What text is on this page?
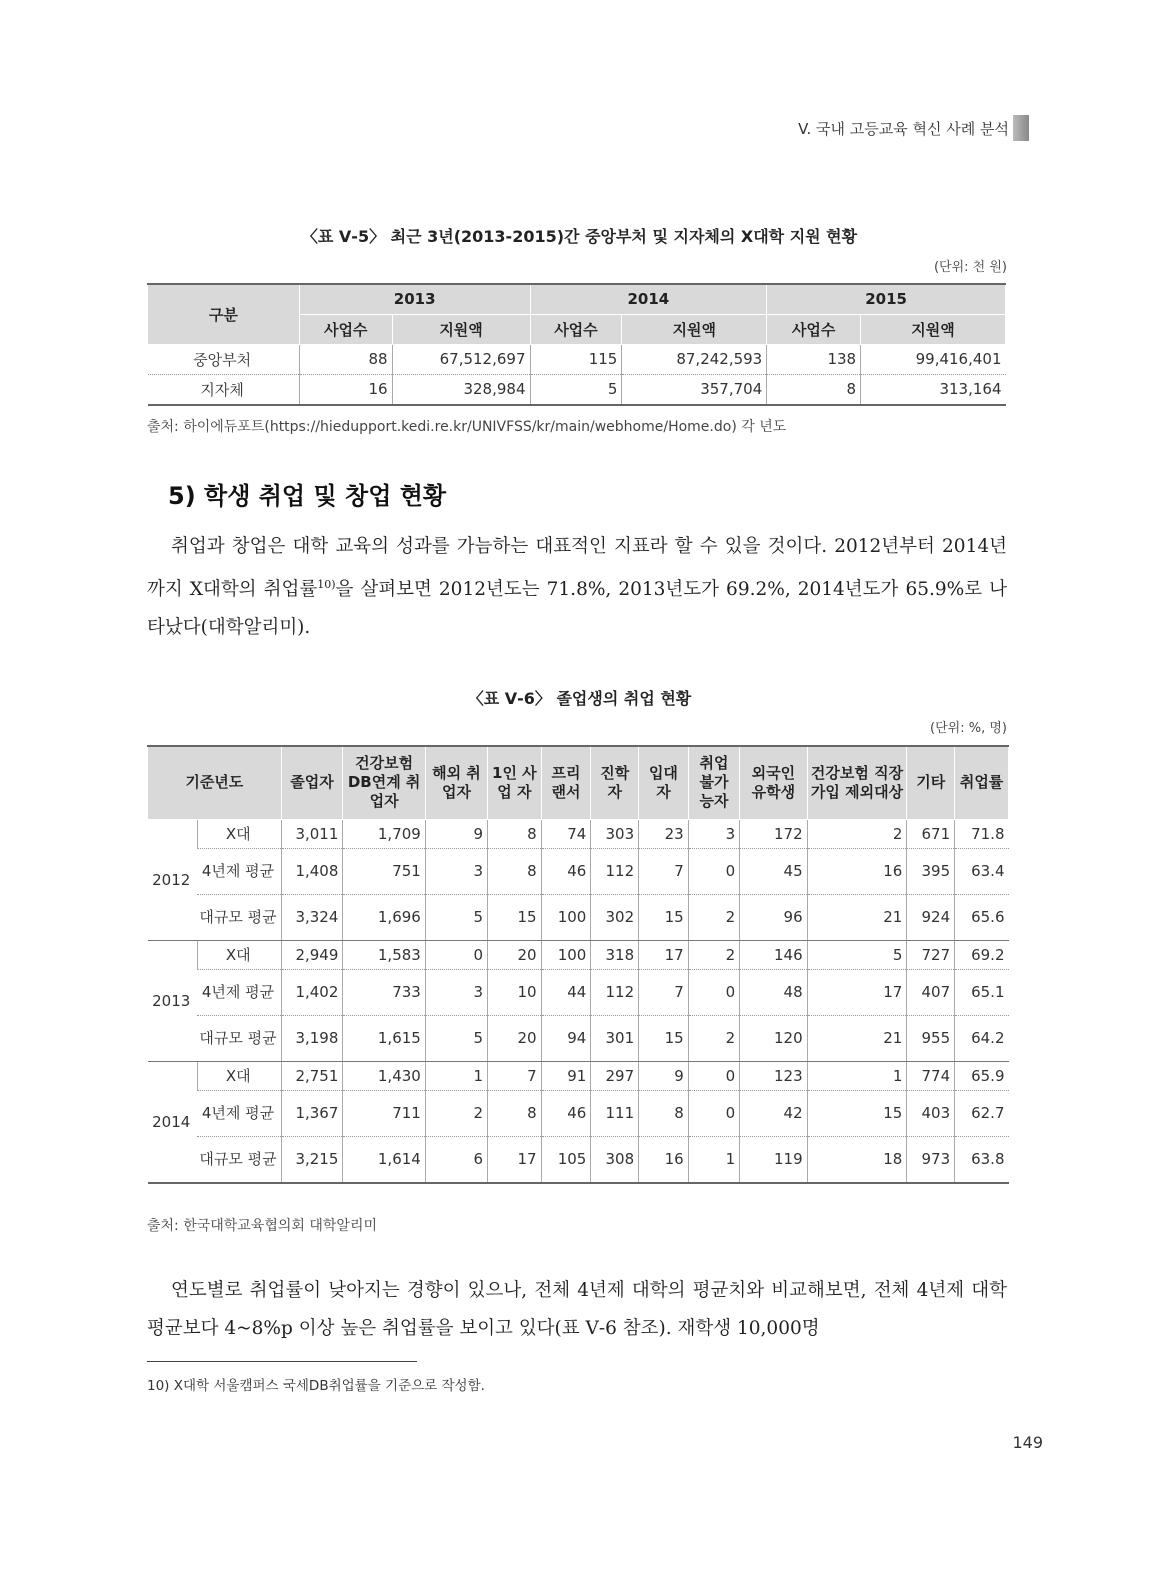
V. 국내 고등교육 혁신 사례 분석
〈표 Ⅴ-5〉 최근 3년(2013-2015)간 중앙부처 및 지자체의 X대학 지원 현황
(단위: 천 원)
구분	2013		2014		2015	
	사업수	지원액	사업수	지원액	사업수	지원액
중앙부처	88	67,512,697	115	87,242,593	138	99,416,401
지자체	16	328,984	5	357,704	8	313,164
출처: 하이에듀포트(https://hiedupport.kedi.re.kr/UNIVFSS/kr/main/webhome/Home.do) 각 년도
5) 학생 취업 및 창업 현황
취업과 창업은 대학 교육의 성과를 가늠하는 대표적인 지표라 할 수 있을 것이다. 2012년부터 2014년까지 X대학의 취업률$^{10)}$을 살펴보면 2012년도는 71.8%, 2013년도가 69.2%, 2014년도가 65.9%로 나타났다(대학알리미).
〈표 Ⅴ-6〉 졸업생의 취업 현황
(단위: %, 명)
기준년도		졸업자	건강보험 DB연계 취업자	해외 취업자	1인 사업 자	프리 랜서	진학 자	입대 자	취업 불가 능자	외국인 유학생	건강보험 직장가입 제외대상	기타	취업률
2012	X대	3,011	1,709	9	8	74	303	23	3	172	2	671	71.8
	4년제 평균	1,408	751	3	8	46	112	7	0	45	16	395	63.4
	대규모 평균	3,324	1,696	5	15	100	302	15	2	96	21	924	65.6
2013	X대	2,949	1,583	0	20	100	318	17	2	146	5	727	69.2
	4년제 평균	1,402	733	3	10	44	112	7	0	48	17	407	65.1
	대규모 평균	3,198	1,615	5	20	94	301	15	2	120	21	955	64.2
2014	X대	2,751	1,430	1	7	91	297	9	0	123	1	774	65.9
	4년제 평균	1,367	711	2	8	46	111	8	0	42	15	403	62.7
	대규모 평균	3,215	1,614	6	17	105	308	16	1	119	18	973	63.8
출처: 한국대학교육협의회 대학알리미
연도별로 취업률이 낮아지는 경향이 있으나, 전체 4년제 대학의 평균치와 비교해보면, 전체 4년제 대학 평균보다 4~8%p 이상 높은 취업률을 보이고 있다(표 Ⅴ-6 참조). 재학생 10,000명
10) X대학 서울캠퍼스 국세DB취업률을 기준으로 작성함.
149
